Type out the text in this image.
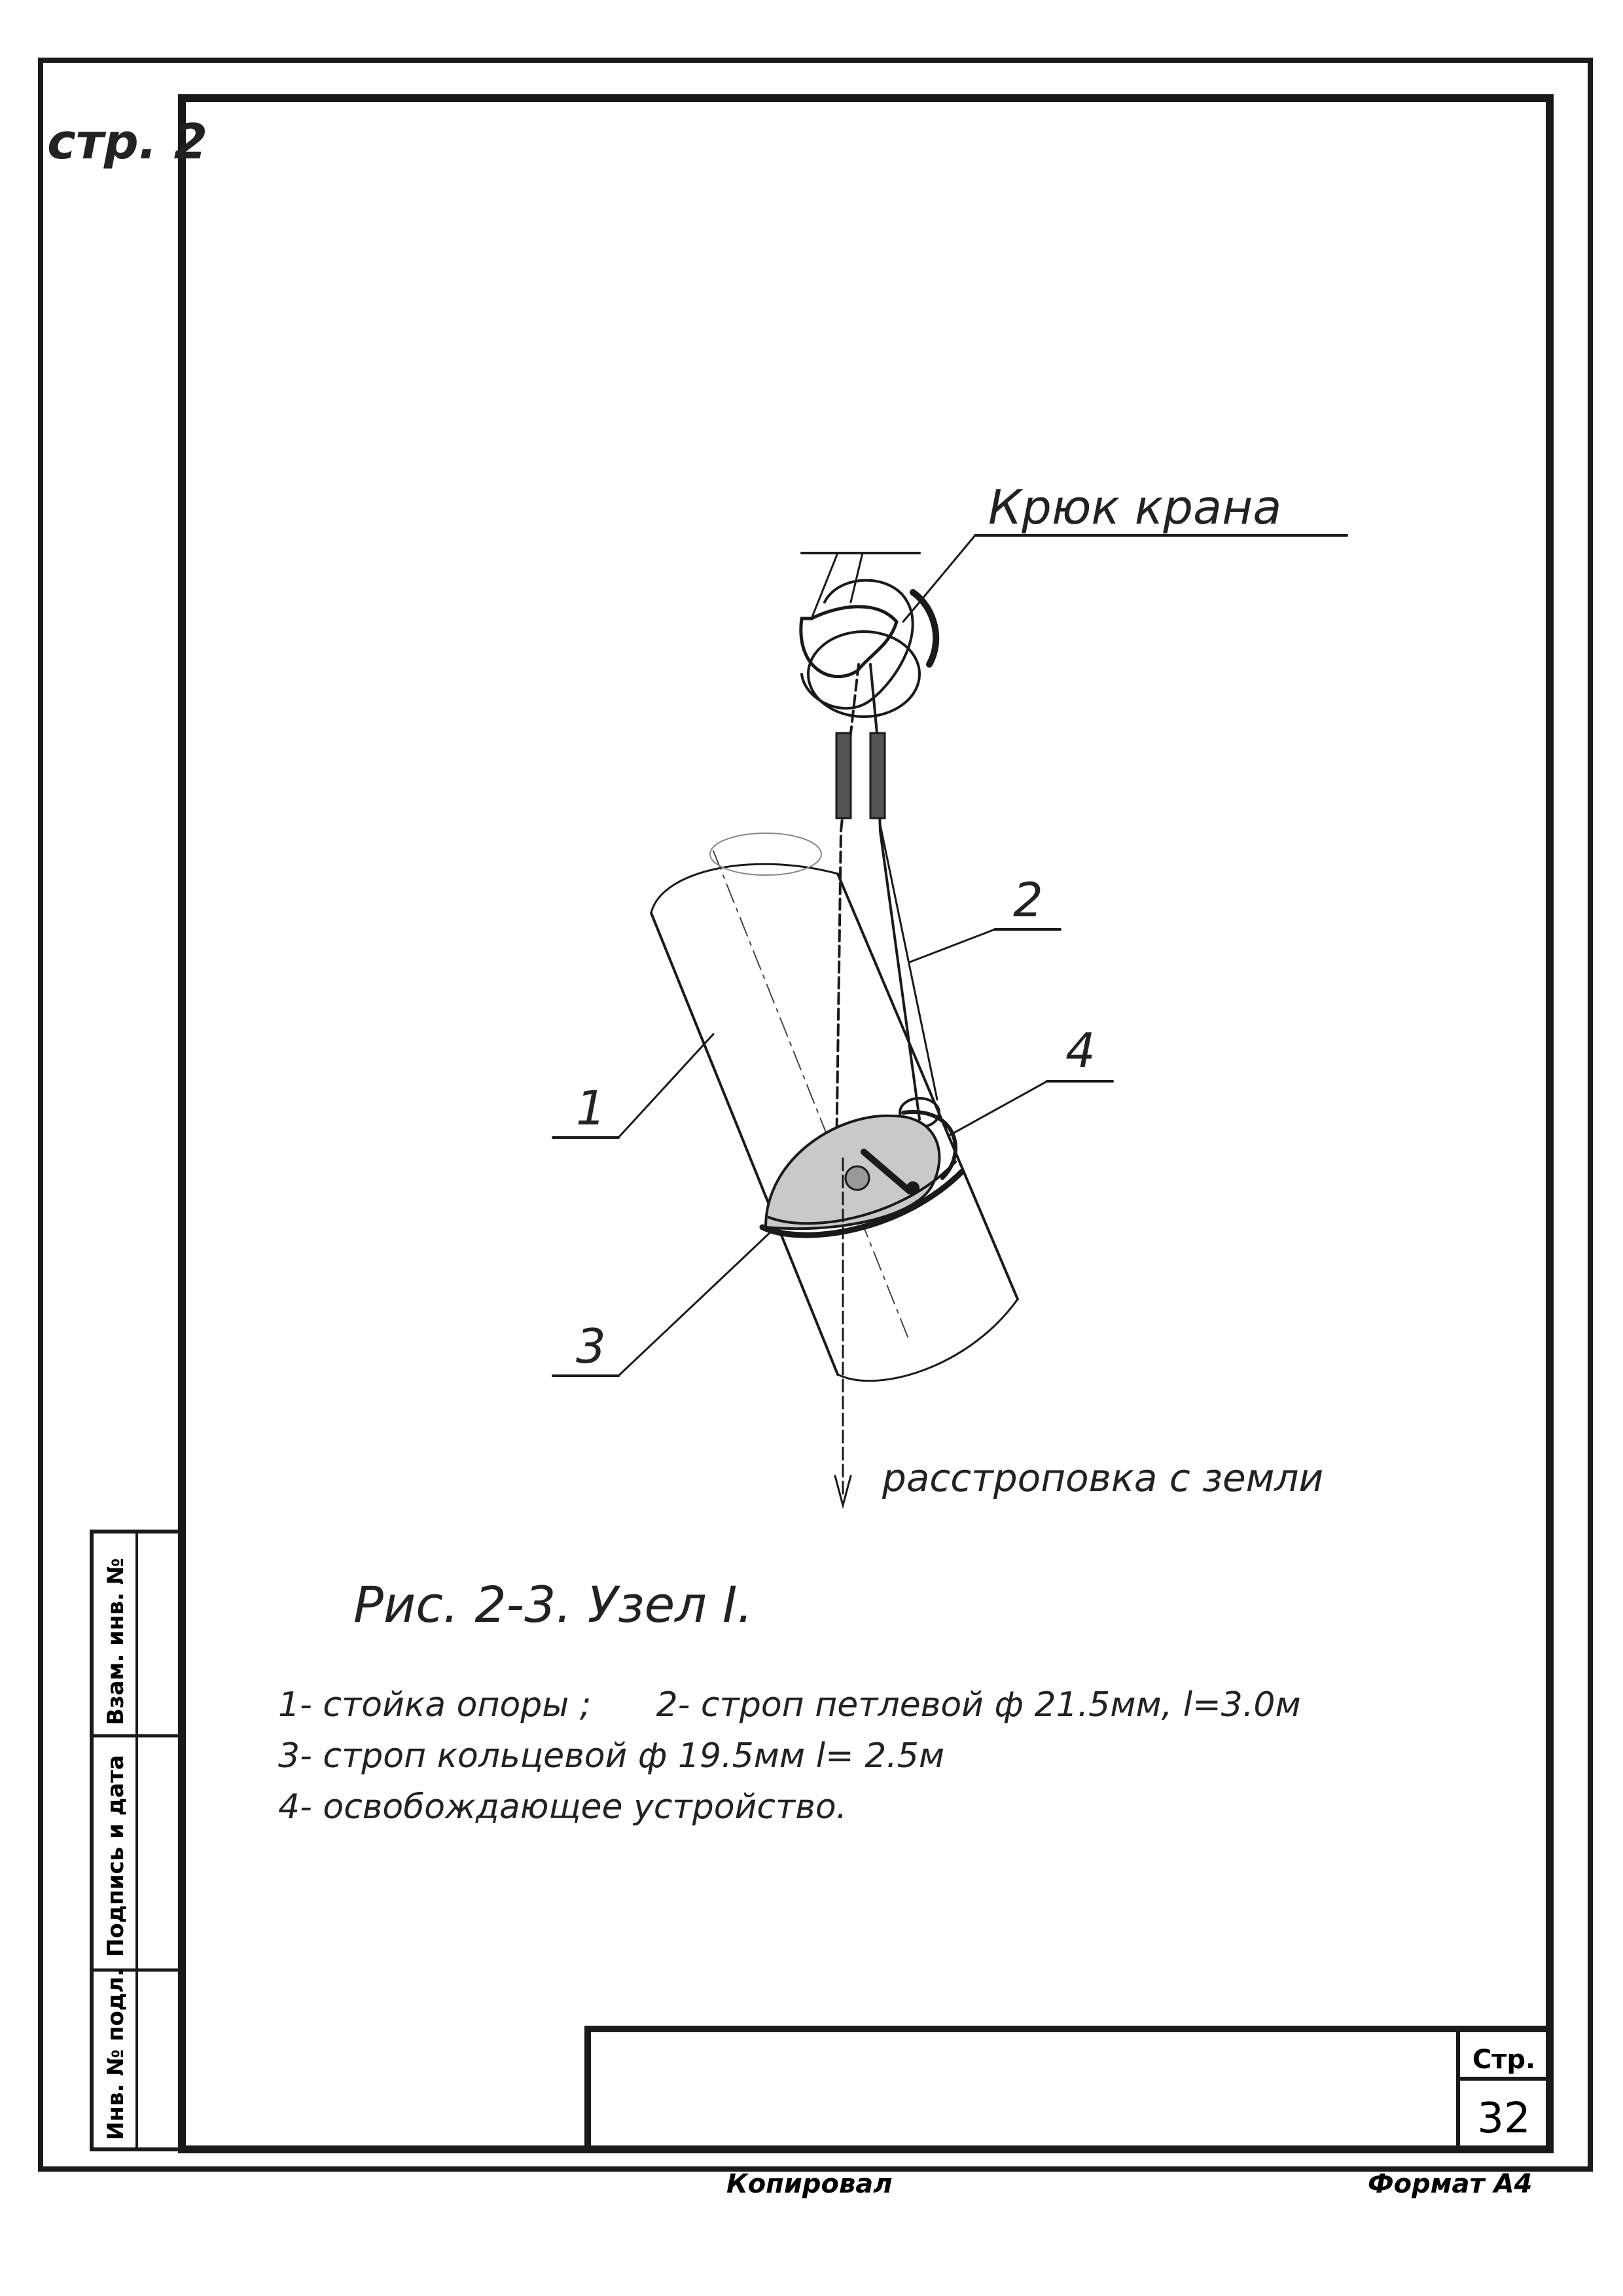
стр. 2
Инв. № подл.
Подпись и дата
Взам. инв. №
Стр.
32
Копировал	Формат А4
Крюк крана
2
4
1
3
расстроповка с земли
Рис. 2-3. Узел I.
1- стойка опоры ;      2- строп петлевой ф 21.5мм, l=3.0м
3- строп кольцевой ф 19.5мм l= 2.5м
4- освобождающее устройство.
